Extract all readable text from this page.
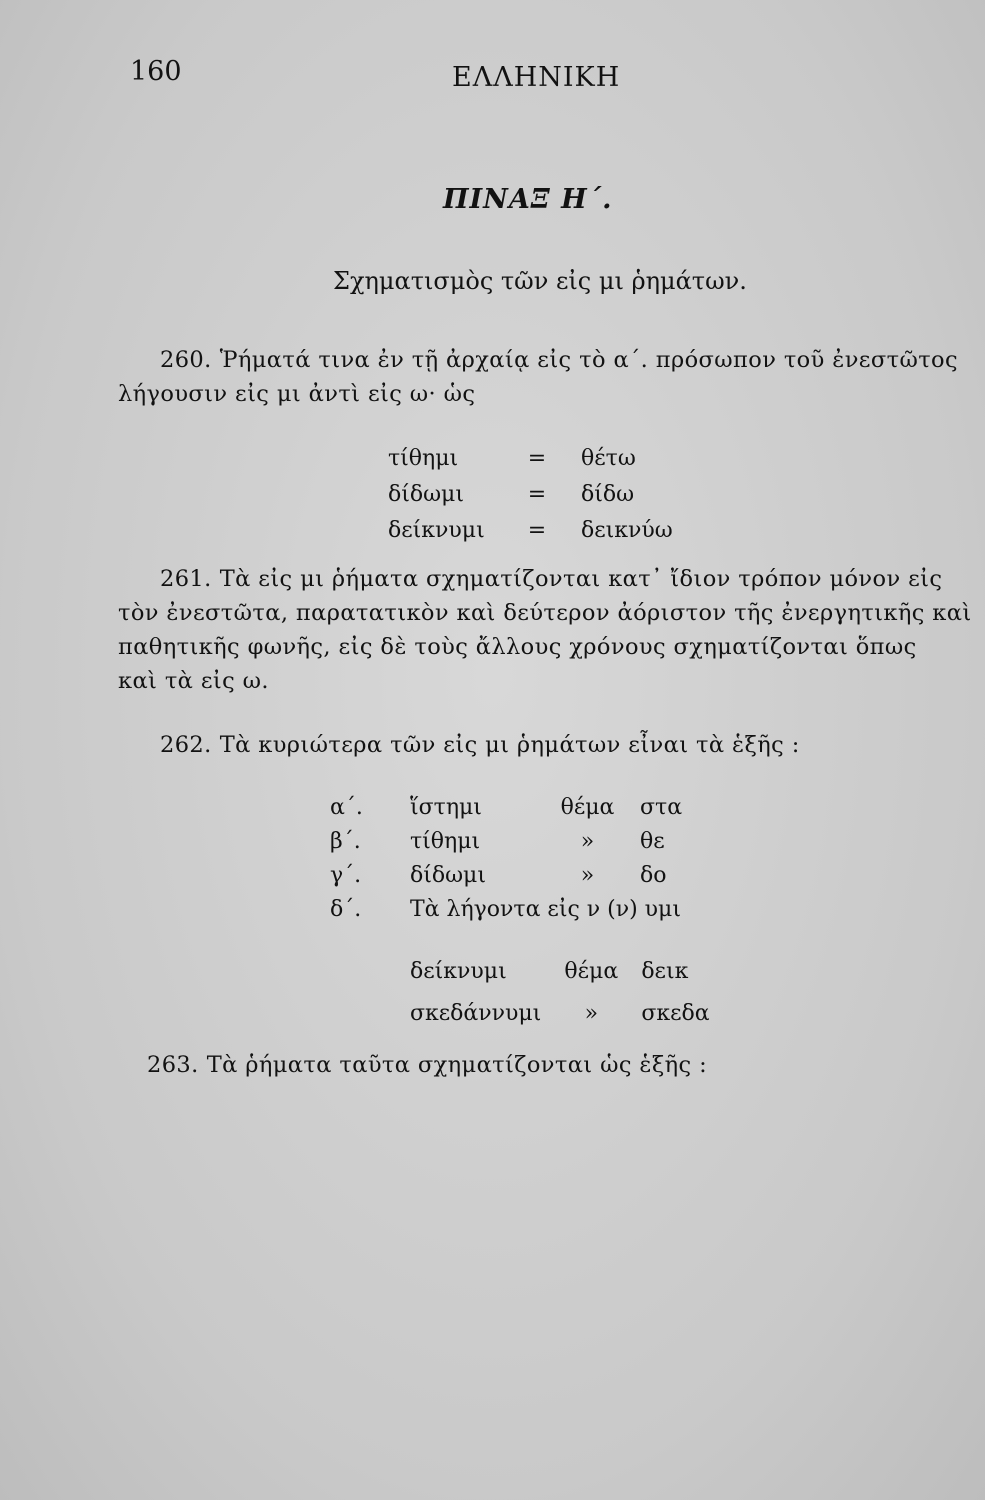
160	ΕΛΛΗΝΙΚΗ
ΠΙΝΑΞ Η΄.
Σχηματισμὸς τῶν εἰς μι ῥημάτων.
260. Ῥήματά τινα ἐν τῇ ἀρχαίᾳ εἰς τὸ α΄. πρόσωπον τοῦ ἐνεστῶτος
λήγουσιν εἰς μι ἀντὶ εἰς ω· ὡς
τίθημι	=	θέτω
δίδωμι	=	δίδω
δείκνυμι	=	δεικνύω
261. Τὰ εἰς μι ῥήματα σχηματίζονται κατ᾽ ἴδιον τρόπον μόνον εἰς
τὸν ἐνεστῶτα, παρατατικὸν καὶ δεύτερον ἀόριστον τῆς ἐνεργητικῆς καὶ
παθητικῆς φωνῆς, εἰς δὲ τοὺς ἄλλους χρόνους σχηματίζονται ὅπως
καὶ τὰ εἰς ω.
262. Τὰ κυριώτερα τῶν εἰς μι ῥημάτων εἶναι τὰ ἑξῆς :
α΄.	ἵστημι	θέμα	στα
β΄.	τίθημι	»	θε
γ΄.	δίδωμι	»	δο
δ΄.	Τὰ λήγοντα εἰς ν (ν) υμι		
δείκνυμι	θέμα	δεικ
σκεδάννυμι	»	σκεδα
263. Τὰ ῥήματα ταῦτα σχηματίζονται ὡς ἑξῆς :
